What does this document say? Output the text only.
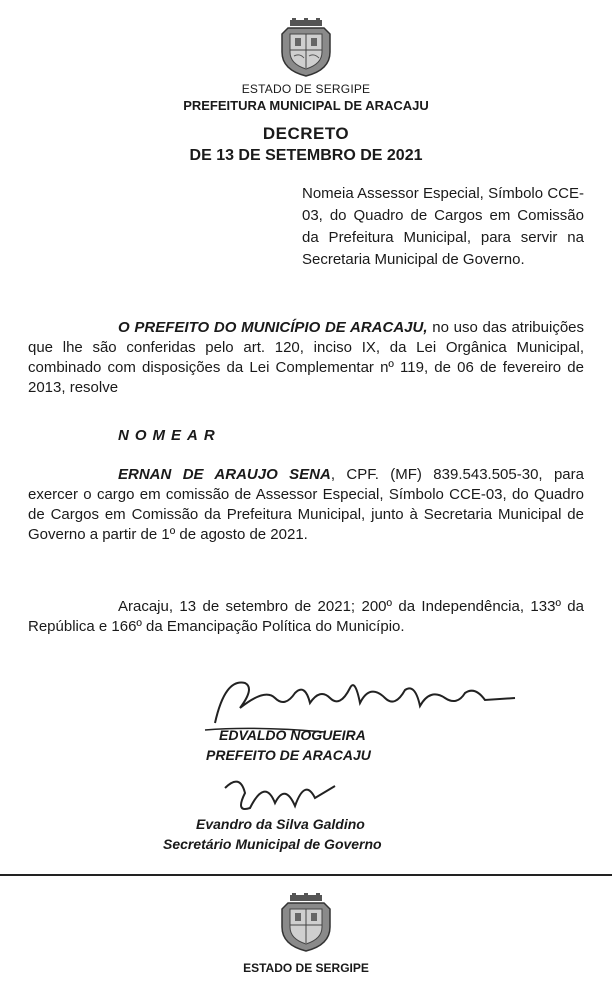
ESTADO DE SERGIPE
PREFEITURA MUNICIPAL DE ARACAJU
DECRETO
DE 13 DE SETEMBRO DE 2021
Nomeia Assessor Especial, Símbolo CCE-03, do Quadro de Cargos em Comissão da Prefeitura Municipal, para servir na Secretaria Municipal de Governo.
O PREFEITO DO MUNICÍPIO DE ARACAJU, no uso das atribuições que lhe são conferidas pelo art. 120, inciso IX, da Lei Orgânica Municipal, combinado com disposições da Lei Complementar nº 119, de 06 de fevereiro de 2013, resolve
NOMEAR
ERNAN DE ARAUJO SENA, CPF. (MF) 839.543.505-30, para exercer o cargo em comissão de Assessor Especial, Símbolo CCE-03, do Quadro de Cargos em Comissão da Prefeitura Municipal, junto à Secretaria Municipal de Governo a partir de 1º de agosto de 2021.
Aracaju, 13 de setembro de 2021; 200º da Independência, 133º da República e 166º da Emancipação Política do Município.
EDVALDO NOGUEIRA
PREFEITO DE ARACAJU
Evandro da Silva Galdino
Secretário Municipal de Governo
ESTADO DE SERGIPE
